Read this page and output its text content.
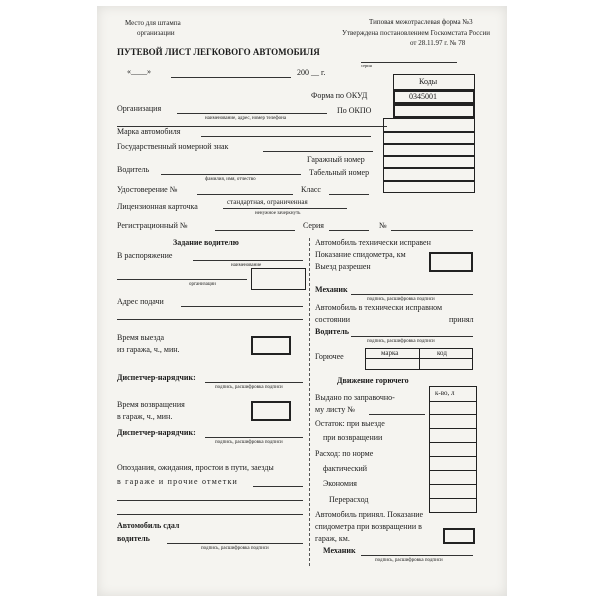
Место для штампа
организации
Типовая межотраслевая форма №3
Утверждена постановлением Госкомстата России
от 28.11.97 г. № 78
ПУТЕВОЙ ЛИСТ ЛЕГКОВОГО АВТОМОБИЛЯ
серия
«____»	200 __ г.
Коды
Форма по ОКУД	0345001
По ОКПО
Организация
наименование, адрес, номер телефона
Марка автомобиля
Государственный номерной знак
Гаражный номер
Водитель
фамилия, имя, отчество
Табельный номер
Удостоверение №	Класс
Лицензионная карточка	стандартная, ограниченная
ненужное зачеркнуть
Регистрационный №	Серия	№
Задание водителю
В распоряжение
наименование
организации
Адрес подачи
Время выезда
из гаража, ч., мин.
Диспетчер-нарядчик:
подпись, расшифровка подписи
Время возвращения
в гараж, ч., мин.
Диспетчер-нарядчик:
подпись, расшифровка подписи
Опоздания, ожидания, простои в пути, заезды
в гараже и прочие отметки
Автомобиль сдал
водитель
подпись, расшифровка подписи
Автомобиль технически исправен
Показание спидометра, км
Выезд разрешен
Механик
подпись, расшифровка подписи
Автомобиль в технически исправном
состоянии	принял
Водитель
подпись, расшифровка подписи
Горючее	марка	код
Движение горючего
к-во, л
Выдано по заправочно-
му листу №
Остаток: при выезде
при возвращении
Расход: по норме
фактический
Экономия
Перерасход
Автомобиль принял. Показание
спидометра при возвращении в
гараж, км.
Механик
подпись, расшифровка подписи
